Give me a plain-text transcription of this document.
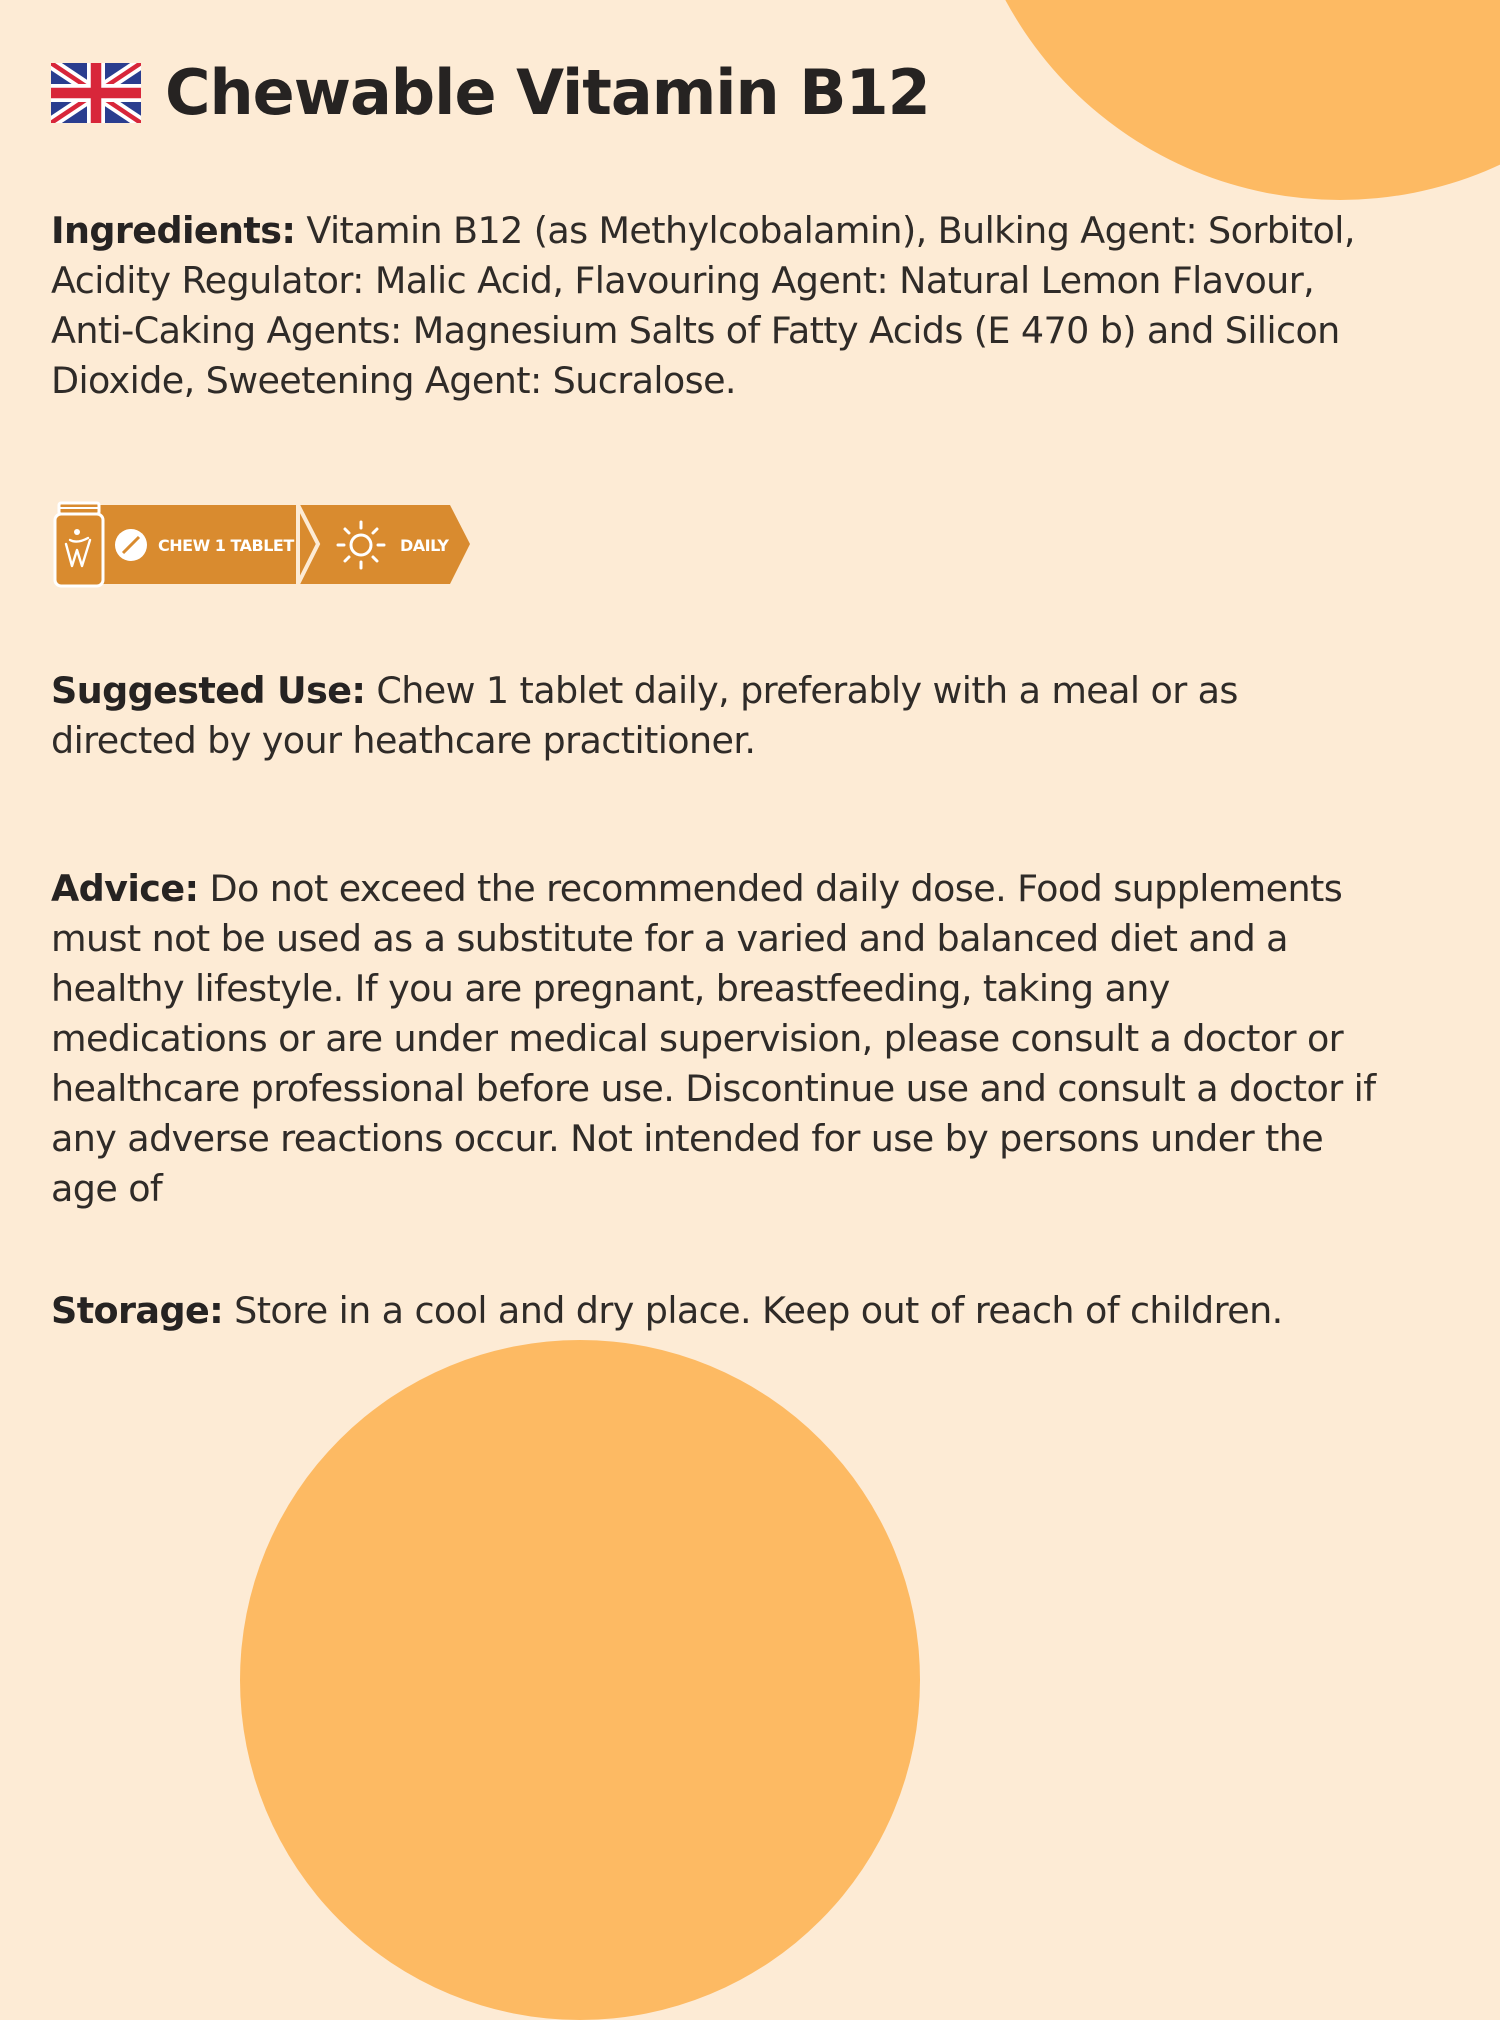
Chewable Vitamin B12

Ingredients: Vitamin B12 (as Methylcobalamin), Bulking Agent: Sorbitol, Acidity Regulator: Malic Acid, Flavouring Agent: Natural Lemon Flavour, Anti-Caking Agents: Magnesium Salts of Fatty Acids (E 470 b) and Silicon Dioxide, Sweetening Agent: Sucralose.

CHEW 1 TABLET	DAILY

Suggested Use: Chew 1 tablet daily, preferably with a meal or as directed by your heathcare practitioner.

Advice: Do not exceed the recommended daily dose. Food supplements must not be used as a substitute for a varied and balanced diet and a healthy lifestyle. If you are pregnant, breastfeeding, taking any medications or are under medical supervision, please consult a doctor or healthcare professional before use. Discontinue use and consult a doctor if any adverse reactions occur. Not intended for use by persons under the age of

Storage: Store in a cool and dry place. Keep out of reach of children.
